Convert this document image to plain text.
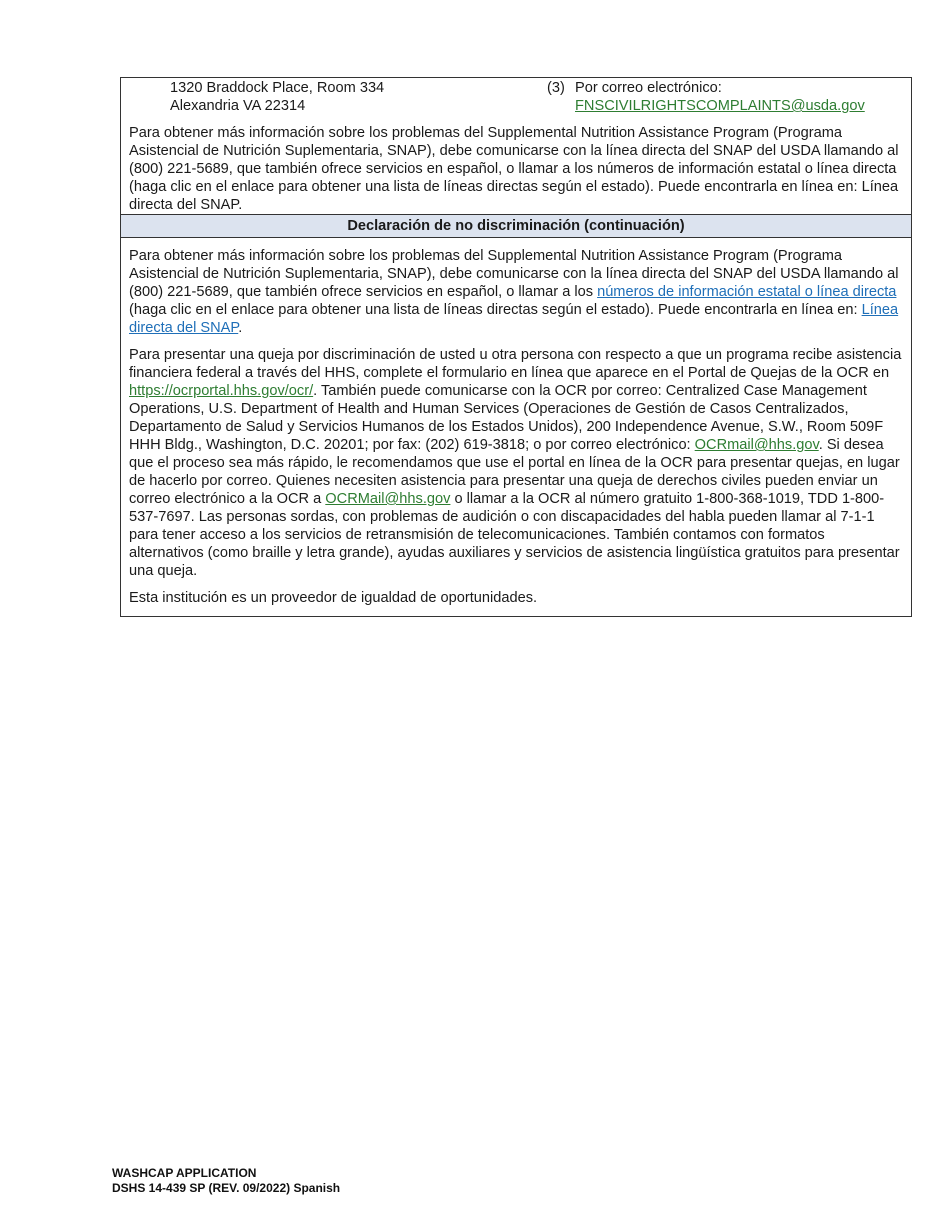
1320 Braddock Place, Room 334
Alexandria VA 22314
(3) Por correo electrónico:
FNSCIVILRIGHTSCOMPLAINTS@usda.gov

Para obtener más información sobre los problemas del Supplemental Nutrition Assistance Program (Programa Asistencial de Nutrición Suplementaria, SNAP), debe comunicarse con la línea directa del SNAP del USDA llamando al (800) 221-5689, que también ofrece servicios en español, o llamar a los números de información estatal o línea directa (haga clic en el enlace para obtener una lista de líneas directas según el estado). Puede encontrarla en línea en: Línea directa del SNAP.

Declaración de no discriminación (continuación)

Para obtener más información sobre los problemas del Supplemental Nutrition Assistance Program (Programa Asistencial de Nutrición Suplementaria, SNAP), debe comunicarse con la línea directa del SNAP del USDA llamando al (800) 221-5689, que también ofrece servicios en español, o llamar a los números de información estatal o línea directa (haga clic en el enlace para obtener una lista de líneas directas según el estado). Puede encontrarla en línea en: Línea directa del SNAP.

Para presentar una queja por discriminación de usted u otra persona con respecto a que un programa recibe asistencia financiera federal a través del HHS, complete el formulario en línea que aparece en el Portal de Quejas de la OCR en https://ocrportal.hhs.gov/ocr/. También puede comunicarse con la OCR por correo: Centralized Case Management Operations, U.S. Department of Health and Human Services (Operaciones de Gestión de Casos Centralizados, Departamento de Salud y Servicios Humanos de los Estados Unidos), 200 Independence Avenue, S.W., Room 509F HHH Bldg., Washington, D.C. 20201; por fax: (202) 619-3818; o por correo electrónico: OCRmail@hhs.gov. Si desea que el proceso sea más rápido, le recomendamos que use el portal en línea de la OCR para presentar quejas, en lugar de hacerlo por correo. Quienes necesiten asistencia para presentar una queja de derechos civiles pueden enviar un correo electrónico a la OCR a OCRMail@hhs.gov o llamar a la OCR al número gratuito 1-800-368-1019, TDD 1-800-537-7697. Las personas sordas, con problemas de audición o con discapacidades del habla pueden llamar al 7-1-1 para tener acceso a los servicios de retransmisión de telecomunicaciones. También contamos con formatos alternativos (como braille y letra grande), ayudas auxiliares y servicios de asistencia lingüística gratuitos para presentar una queja.

Esta institución es un proveedor de igualdad de oportunidades.

WASHCAP APPLICATION
DSHS 14-439 SP (REV. 09/2022) Spanish
